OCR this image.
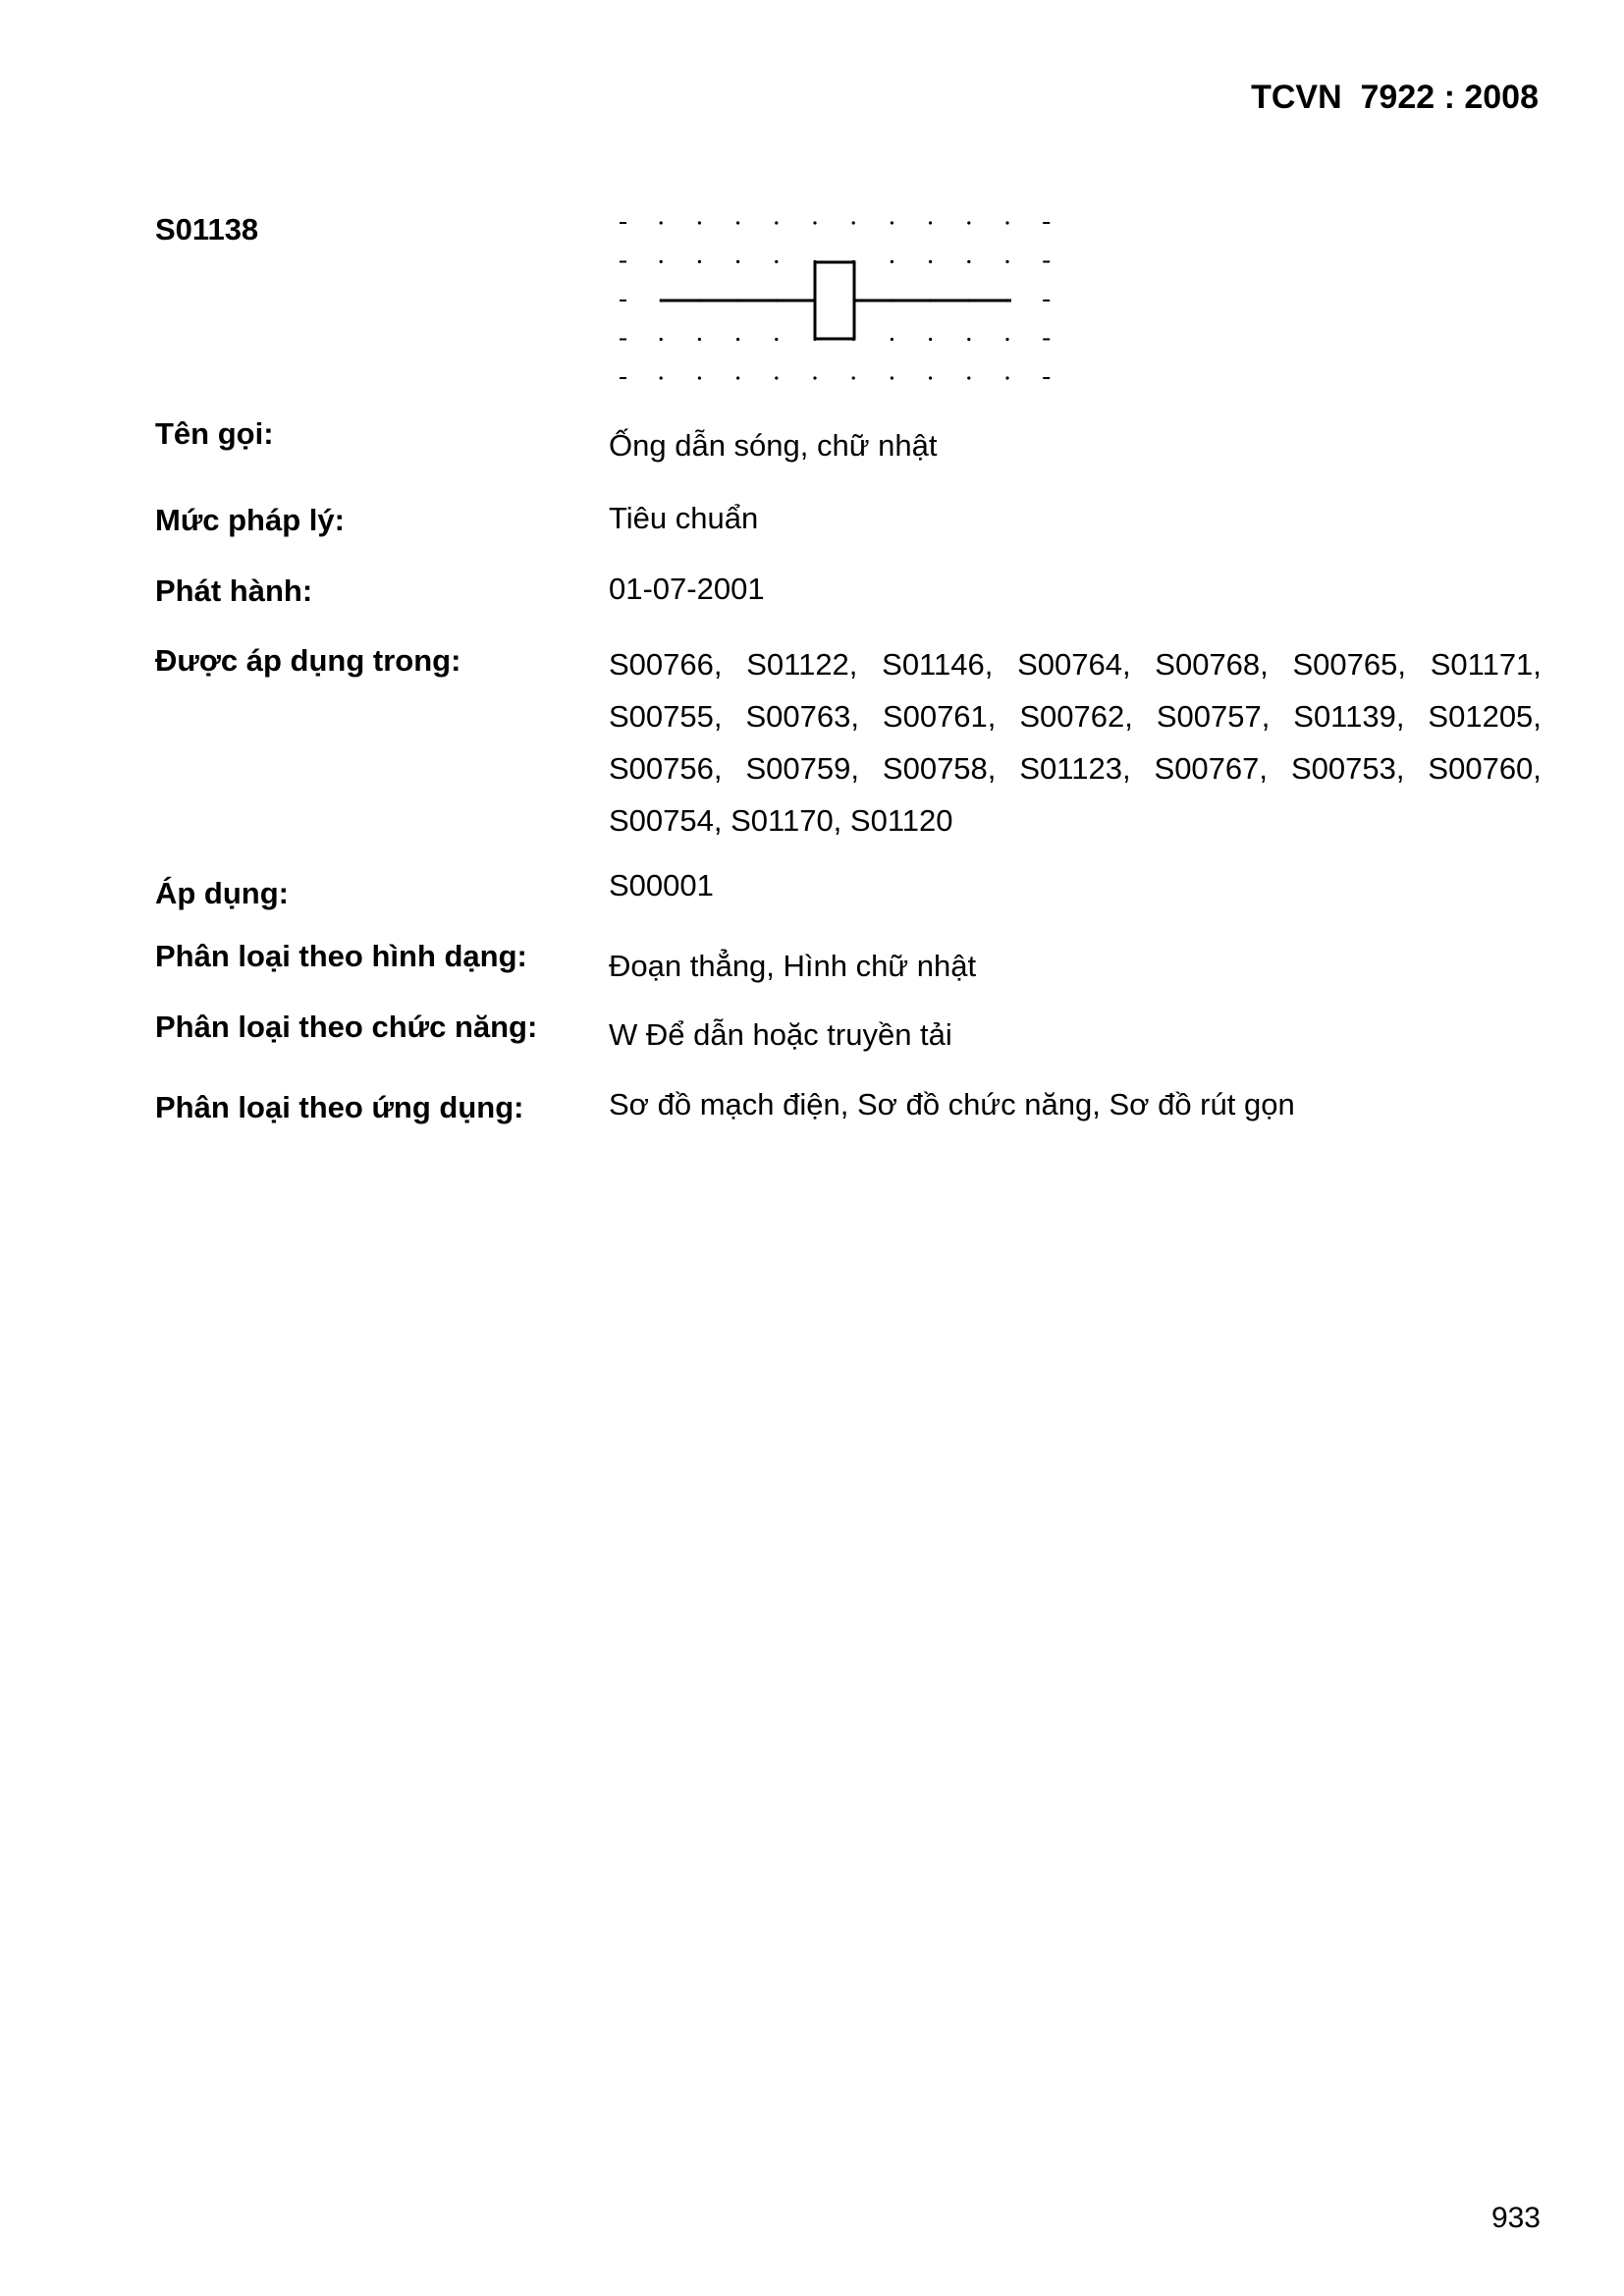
TCVN  7922 : 2008
S01138
Tên gọi:	Ống dẫn sóng, chữ nhật
Mức pháp lý:	Tiêu chuẩn
Phát hành:	01-07-2001
Được áp dụng trong:	S00766, S01122, S01146, S00764, S00768, S00765, S01171,
S00755, S00763, S00761, S00762, S00757, S01139, S01205,
S00756, S00759, S00758, S01123, S00767, S00753, S00760,
S00754, S01170, S01120
Áp dụng:	S00001
Phân loại theo hình dạng:	Đoạn thẳng, Hình chữ nhật
Phân loại theo chức năng: W Để dẫn hoặc truyền tải
Phân loại theo ứng dụng:	Sơ đồ mạch điện, Sơ đồ chức năng, Sơ đồ rút gọn
933
